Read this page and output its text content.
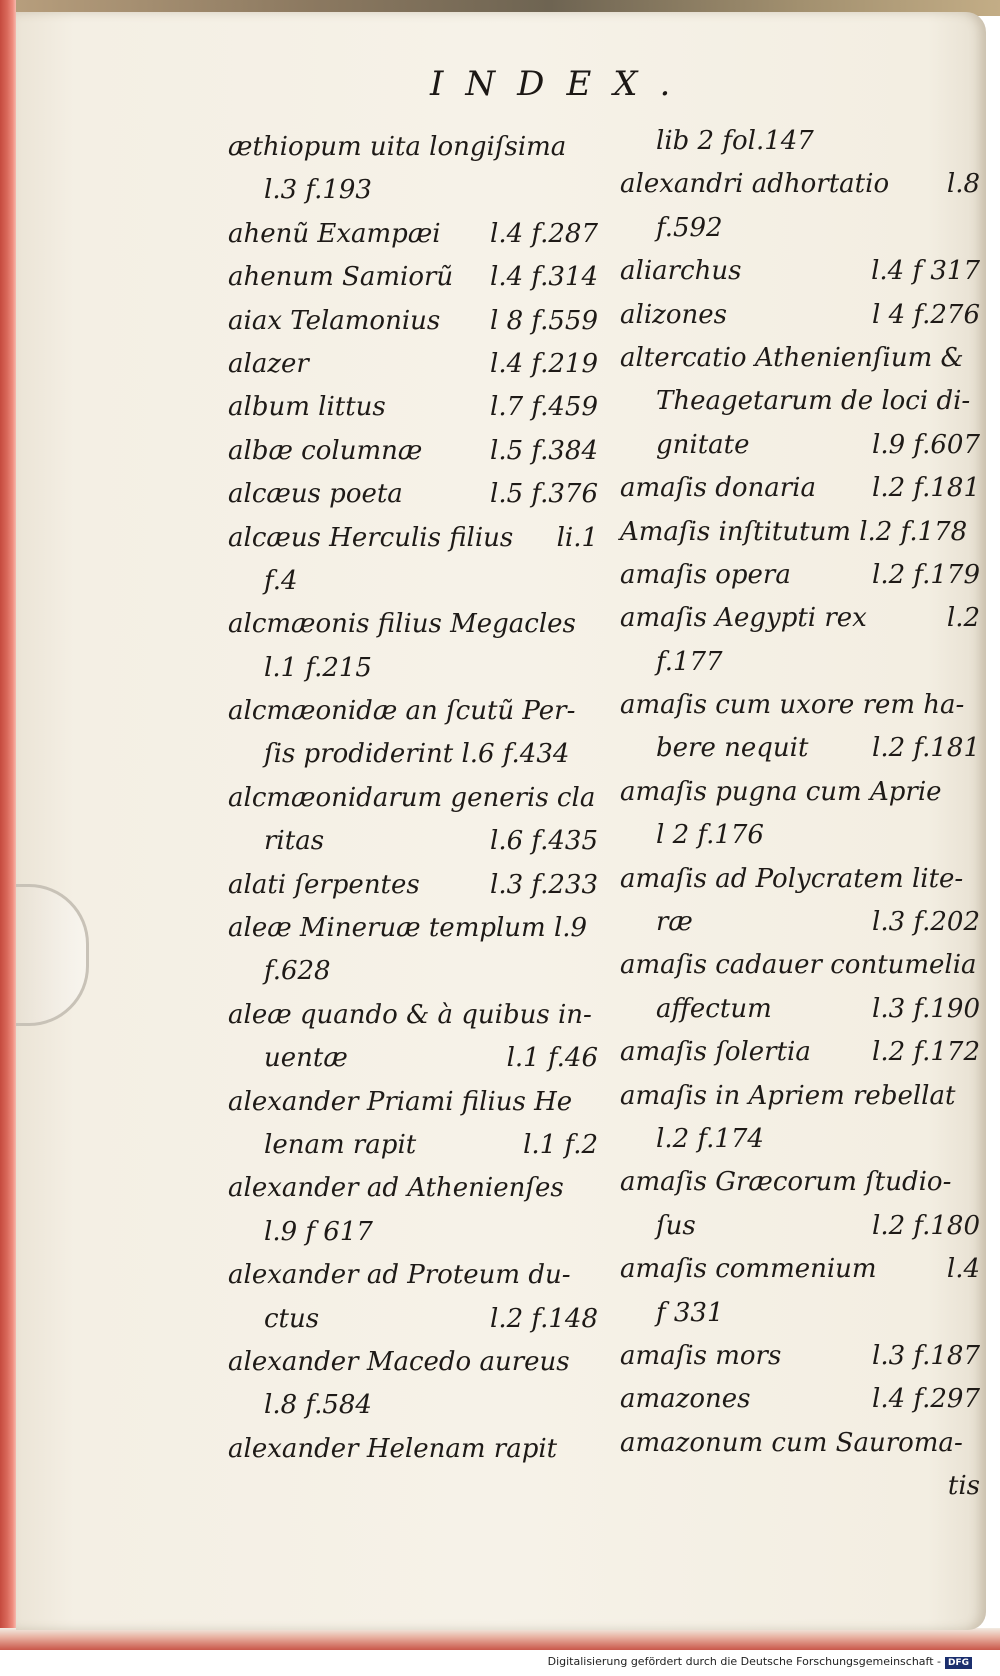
INDEX.
æthiopum uita longiſsima
l.3 f.193
ahenũ Exampæi l.4 f.287
ahenum Samiorũ l.4 f.314
aiax Telamonius l 8 f.559
alazer	l.4 f.219
album littus	l.7 f.459
albæ columnæ	l.5 f.384
alcæus poeta	l.5 f.376
alcæus Herculis filius li.1
f.4
alcmæonis filius Megacles
l.1 f.215
alcmæonidæ an ſcutũ Per-
ſis prodiderint l.6 f.434
alcmæonidarum generis cla
ritas	l.6 f.435
alati ſerpentes	l.3 f.233
aleæ Mineruæ templum l.9
f.628
aleæ quando & à quibus in-
uentæ	l.1 f.46
alexander Priami filius He
lenam rapit	l.1 f.2
alexander ad Athenienſes
l.9 f 617
alexander ad Proteum du-
ctus	l.2 f.148
alexander Macedo aureus
l.8 f.584
alexander Helenam rapit
lib 2 fol.147
alexandri adhortatio l.8
f.592
aliarchus	l.4 f 317
alizones	l 4 f.276
altercatio Athenienſium &
Theagetarum de loci di-
gnitate	l.9 f.607
amaſis donaria l.2 f.181
Amaſis inſtitutum l.2 f.178
amaſis opera	l.2 f.179
amaſis Aegypti rex	l.2
f.177
amaſis cum uxore rem ha-
bere nequit l.2 f.181
amaſis pugna cum Aprie
l 2 f.176
amaſis ad Polycratem lite-
ræ	l.3 f.202
amaſis cadauer contumelia
affectum	l.3 f.190
amaſis ſolertia l.2 f.172
amaſis in Apriem rebellat
l.2 f.174
amaſis Græcorum ſtudio-
ſus	l.2 f.180
amaſis commenium	l.4
f 331
amaſis mors	l.3 f.187
amazones	l.4 f.297
amazonum cum Sauroma-
tis
Digitalisierung gefördert durch die Deutsche Forschungsgemeinschaft - DFG
